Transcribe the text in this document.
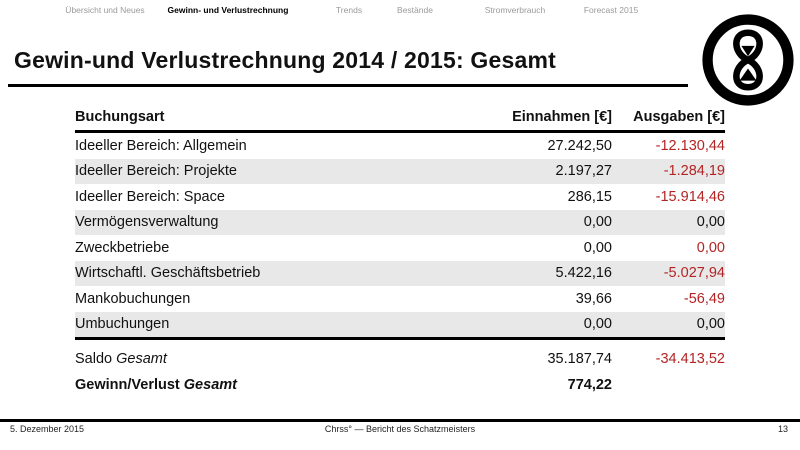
Übersicht und Neues	Gewinn- und Verlustrechnung	Trends	Bestände	Stromverbrauch	Forecast 2015
Gewin-und Verlustrechnung 2014 / 2015: Gesamt
Buchungsart	Einnahmen [€]	Ausgaben [€]
Ideeller Bereich: Allgemein	27.242,50	-12.130,44
Ideeller Bereich: Projekte	2.197,27	-1.284,19
Ideeller Bereich: Space	286,15	-15.914,46
Vermögensverwaltung	0,00	0,00
Zweckbetriebe	0,00	0,00
Wirtschaftl. Geschäftsbetrieb	5.422,16	-5.027,94
Mankobuchungen	39,66	-56,49
Umbuchungen	0,00	0,00
Saldo Gesamt	35.187,74	-34.413,52
Gewinn/Verlust Gesamt	774,22
5. Dezember 2015	Chrss° — Bericht des Schatzmeisters	13
